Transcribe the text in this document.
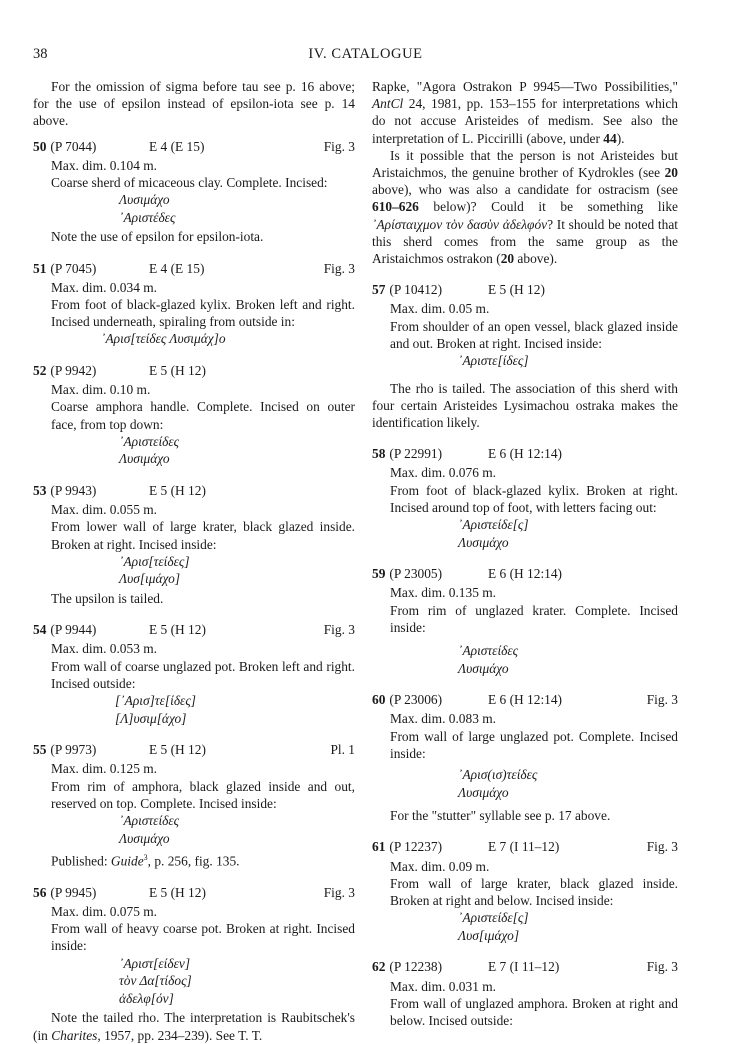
38	IV. CATALOGUE

For the omission of sigma before tau see p. 16 above; for the use of epsilon instead of epsilon-iota see p. 14 above.

50 (P 7044)	E 4 (E 15)	Fig. 3

Max. dim. 0.104 m.

Coarse sherd of micaceous clay. Complete. Incised:

Λυσιμάχο

᾿Αριστέδες

Note the use of epsilon for epsilon-iota.

51 (P 7045)	E 4 (E 15)	Fig. 3

Max. dim. 0.034 m.

From foot of black-glazed kylix. Broken left and right. Incised underneath, spiraling from outside in:

᾿Αρισ[τείδες Λυσιμάχ]ο

52 (P 9942)	E 5 (H 12)

Max. dim. 0.10 m.

Coarse amphora handle. Complete. Incised on outer face, from top down:

᾿Αριστείδες

Λυσιμάχο

53 (P 9943)	E 5 (H 12)

Max. dim. 0.055 m.

From lower wall of large krater, black glazed inside. Broken at right. Incised inside:

᾿Αρισ[τείδες]

Λυσ[ιμάχο]

The upsilon is tailed.

54 (P 9944)	E 5 (H 12)	Fig. 3

Max. dim. 0.053 m.

From wall of coarse unglazed pot. Broken left and right. Incised outside:

[᾿Αρισ]τε[ίδες]

[Λ]υσιμ[άχο]

55 (P 9973)	E 5 (H 12)	Pl. 1

Max. dim. 0.125 m.

From rim of amphora, black glazed inside and out, reserved on top. Complete. Incised inside:

᾿Αριστείδες

Λυσιμάχο

Published: Guide$^3$, p. 256, fig. 135.

56 (P 9945)	E 5 (H 12)	Fig. 3

Max. dim. 0.075 m.

From wall of heavy coarse pot. Broken at right. Incised inside:

᾿Αριστ[είδεν]

τὸν Δα[τίδος]

ἀδελφ[όν]

Note the tailed rho. The interpretation is Raubitschek's (in Charites, 1957, pp. 234–239). See T. T.

Rapke, "Agora Ostrakon P 9945—Two Possibilities," AntCl 24, 1981, pp. 153–155 for interpretations which do not accuse Aristeides of medism. See also the interpretation of L. Piccirilli (above, under 44).

Is it possible that the person is not Aristeides but Aristaichmos, the genuine brother of Kydrokles (see 20 above), who was also a candidate for ostracism (see 610–626 below)? Could it be something like ᾿Αρίσταιχμον τὸν δασὺν ἀδελφόν? It should be noted that this sherd comes from the same group as the Aristaichmos ostrakon (20 above).

57 (P 10412)	E 5 (H 12)

Max. dim. 0.05 m.

From shoulder of an open vessel, black glazed inside and out. Broken at right. Incised inside:

᾿Αριστε[ίδες]

The rho is tailed. The association of this sherd with four certain Aristeides Lysimachou ostraka makes the identification likely.

58 (P 22991)	E 6 (H 12:14)

Max. dim. 0.076 m.

From foot of black-glazed kylix. Broken at right. Incised around top of foot, with letters facing out:

᾿Αριστείδε[ς]

Λυσιμάχο

59 (P 23005)	E 6 (H 12:14)

Max. dim. 0.135 m.

From rim of unglazed krater. Complete. Incised inside:

᾿Αριστείδες

Λυσιμάχο

60 (P 23006)	E 6 (H 12:14)	Fig. 3

Max. dim. 0.083 m.

From wall of large unglazed pot. Complete. Incised inside:

᾿Αρισ(ισ)τείδες

Λυσιμάχο

For the "stutter" syllable see p. 17 above.

61 (P 12237)	E 7 (I 11–12)	Fig. 3

Max. dim. 0.09 m.

From wall of large krater, black glazed inside. Broken at right and below. Incised inside:

᾿Αριστείδε[ς]

Λυσ[ιμάχο]

62 (P 12238)	E 7 (I 11–12)	Fig. 3

Max. dim. 0.031 m.

From wall of unglazed amphora. Broken at right and below. Incised outside:
